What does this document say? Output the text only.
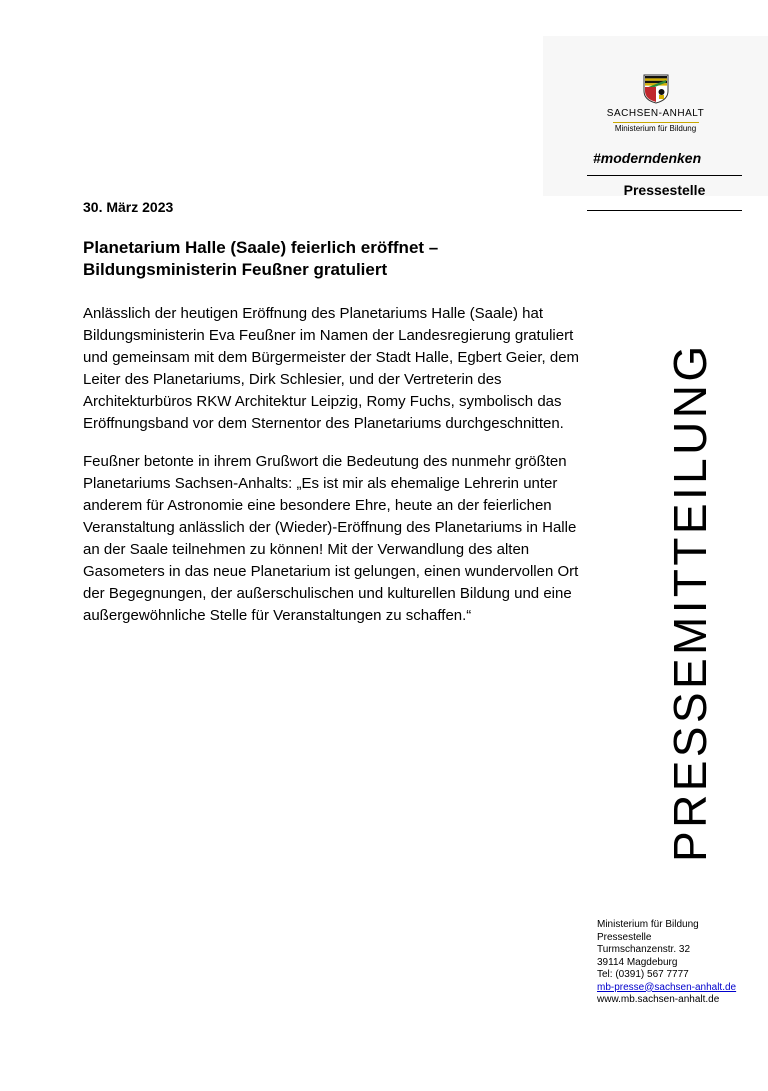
SACHSEN-ANHALT
Ministerium für Bildung
#moderndenken
Pressestelle
PRESSEMITTEILUNG
30. März 2023
Planetarium Halle (Saale) feierlich eröffnet –
Bildungsministerin Feußner gratuliert

Anlässlich der heutigen Eröffnung des Planetariums Halle (Saale) hat
Bildungsministerin Eva Feußner im Namen der Landesregierung gratuliert
und gemeinsam mit dem Bürgermeister der Stadt Halle, Egbert Geier, dem
Leiter des Planetariums, Dirk Schlesier, und der Vertreterin des
Architekturbüros RKW Architektur Leipzig, Romy Fuchs, symbolisch das
Eröffnungsband vor dem Sternentor des Planetariums durchgeschnitten.

Feußner betonte in ihrem Grußwort die Bedeutung des nunmehr größten
Planetariums Sachsen-Anhalts: „Es ist mir als ehemalige Lehrerin unter
anderem für Astronomie eine besondere Ehre, heute an der feierlichen
Veranstaltung anlässlich der (Wieder)-Eröffnung des Planetariums in Halle
an der Saale teilnehmen zu können! Mit der Verwandlung des alten
Gasometers in das neue Planetarium ist gelungen, einen wundervollen Ort
der Begegnungen, der außerschulischen und kulturellen Bildung und eine
außergewöhnliche Stelle für Veranstaltungen zu schaffen.“

Ministerium für Bildung
Pressestelle
Turmschanzenstr. 32
39114 Magdeburg
Tel: (0391) 567 7777
mb-presse@sachsen-anhalt.de
www.mb.sachsen-anhalt.de
